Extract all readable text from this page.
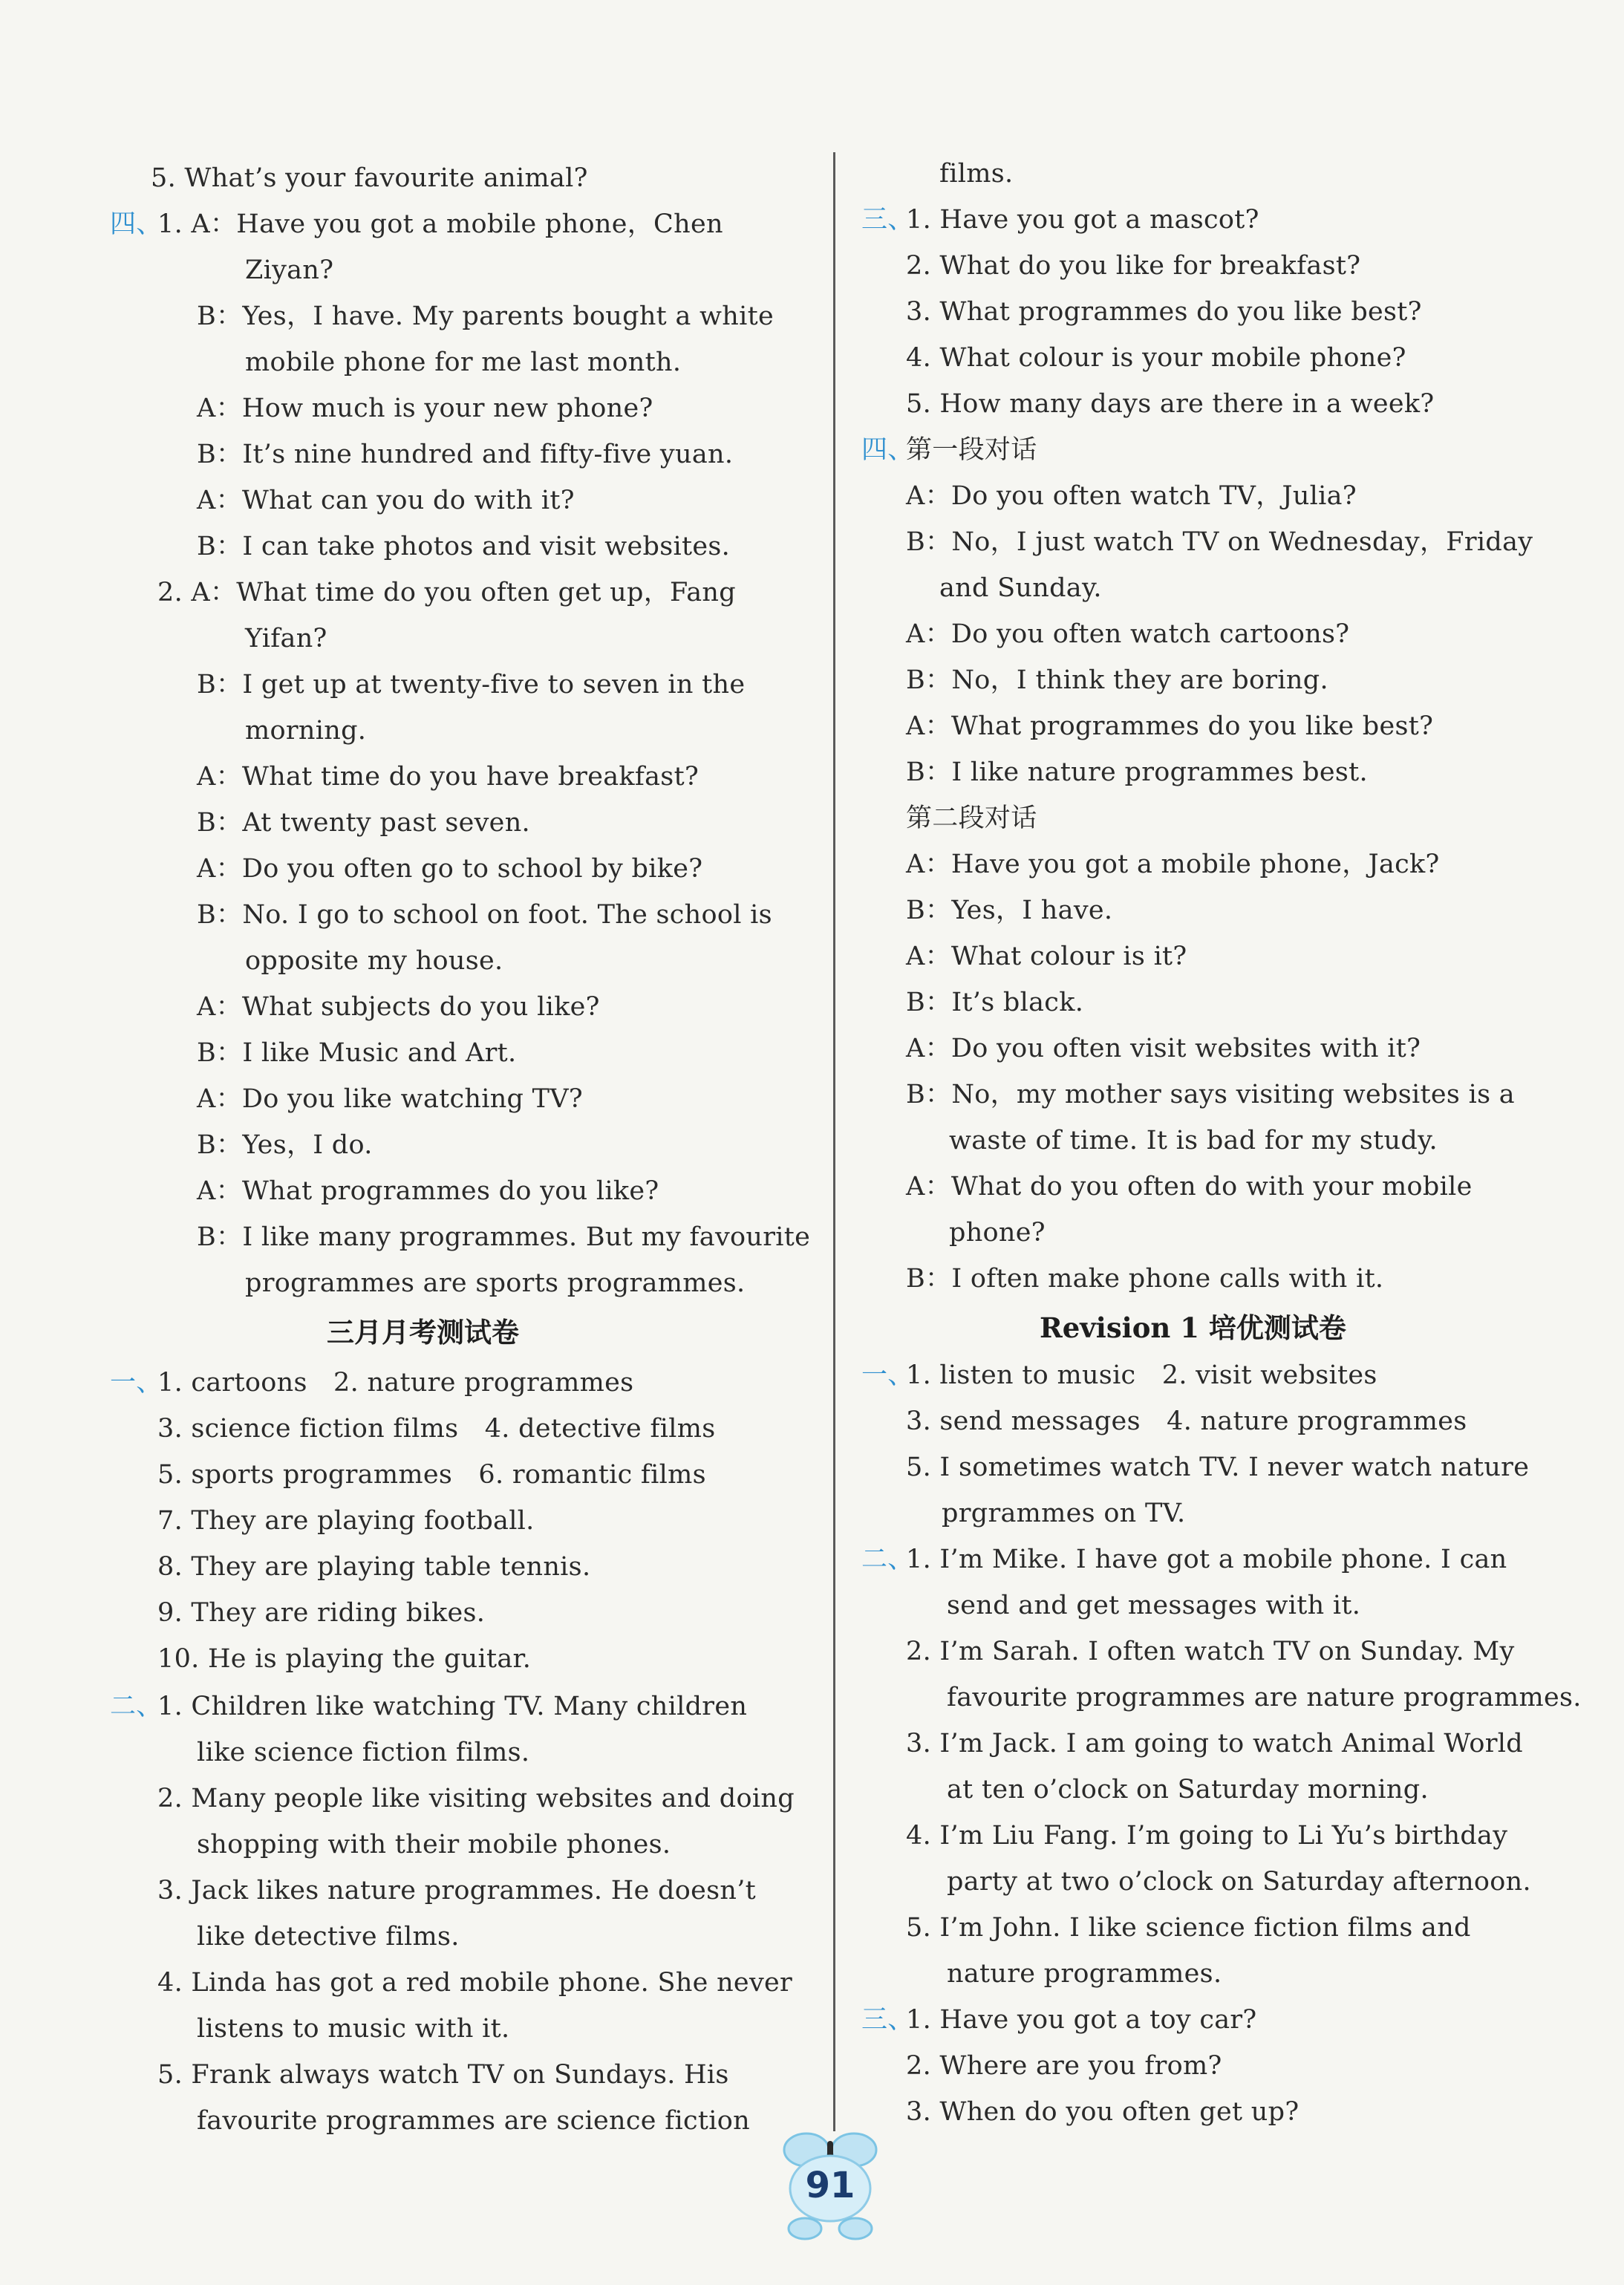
5. What’s your favourite animal?
四、
1. A：Have you got a mobile phone，Chen
Ziyan?
B：Yes，I have. My parents bought a white
mobile phone for me last month.
A：How much is your new phone?
B：It’s nine hundred and fifty-five yuan.
A：What can you do with it?
B：I can take photos and visit websites.
2. A：What time do you often get up，Fang
Yifan?
B：I get up at twenty-five to seven in the
morning.
A：What time do you have breakfast?
B：At twenty past seven.
A：Do you often go to school by bike?
B：No. I go to school on foot. The school is
opposite my house.
A：What subjects do you like?
B：I like Music and Art.
A：Do you like watching TV?
B：Yes，I do.
A：What programmes do you like?
B：I like many programmes. But my favourite
programmes are sports programmes.
三月月考测试卷
一、
1. cartoons　2. nature programmes
3. science fiction films　4. detective films
5. sports programmes　6. romantic films
7. They are playing football.
8. They are playing table tennis.
9. They are riding bikes.
10. He is playing the guitar.
二、
1. Children like watching TV. Many children
like science fiction films.
2. Many people like visiting websites and doing
shopping with their mobile phones.
3. Jack likes nature programmes. He doesn’t
like detective films.
4. Linda has got a red mobile phone. She never
listens to music with it.
5. Frank always watch TV on Sundays. His
favourite programmes are science fiction
films.
三、
1. Have you got a mascot?
2. What do you like for breakfast?
3. What programmes do you like best?
4. What colour is your mobile phone?
5. How many days are there in a week?
四、
第一段对话
A：Do you often watch TV，Julia?
B：No，I just watch TV on Wednesday，Friday
and Sunday.
A：Do you often watch cartoons?
B：No，I think they are boring.
A：What programmes do you like best?
B：I like nature programmes best.
第二段对话
A：Have you got a mobile phone，Jack?
B：Yes，I have.
A：What colour is it?
B：It’s black.
A：Do you often visit websites with it?
B：No，my mother says visiting websites is a
waste of time. It is bad for my study.
A：What do you often do with your mobile
phone?
B：I often make phone calls with it.
Revision 1 培优测试卷
一、
1. listen to music　2. visit websites
3. send messages　4. nature programmes
5. I sometimes watch TV. I never watch nature
prgrammes on TV.
二、
1. I’m Mike. I have got a mobile phone. I can
send and get messages with it.
2. I’m Sarah. I often watch TV on Sunday. My
favourite programmes are nature programmes.
3. I’m Jack. I am going to watch Animal World
at ten o’clock on Saturday morning.
4. I’m Liu Fang. I’m going to Li Yu’s birthday
party at two o’clock on Saturday afternoon.
5. I’m John. I like science fiction films and
nature programmes.
三、
1. Have you got a toy car?
2. Where are you from?
3. When do you often get up?
91
